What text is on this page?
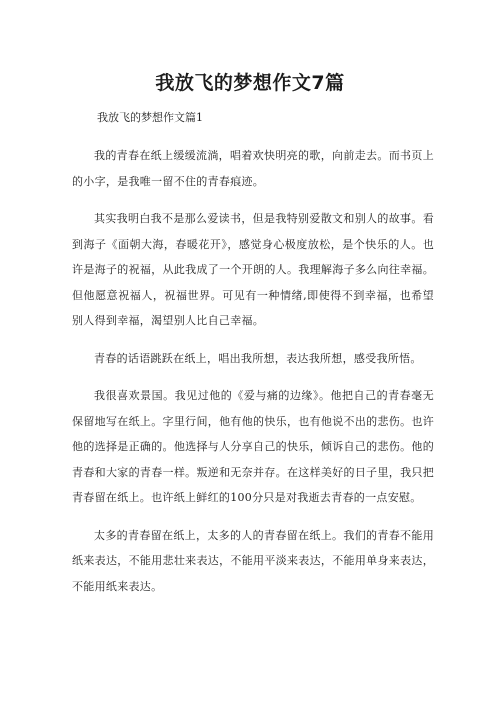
我放飞的梦想作文7篇

我放飞的梦想作文篇1

我的青春在纸上缓缓流淌，唱着欢快明亮的歌，向前走去。而书页上的小字，是我唯一留不住的青春痕迹。

其实我明白我不是那么爱读书，但是我特别爱散文和别人的故事。看到海子《面朝大海，春暖花开》，感觉身心极度放松，是个快乐的人。也许是海子的祝福，从此我成了一个开朗的人。我理解海子多么向往幸福。但他愿意祝福人，祝福世界。可见有一种情绪,即使得不到幸福，也希望别人得到幸福，渴望别人比自己幸福。

青春的话语跳跃在纸上，唱出我所想，表达我所想，感受我所悟。

我很喜欢景国。我见过他的《爱与痛的边缘》。他把自己的青春毫无保留地写在纸上。字里行间，他有他的快乐，也有他说不出的悲伤。也许他的选择是正确的。他选择与人分享自己的快乐，倾诉自己的悲伤。他的青春和大家的青春一样。叛逆和无奈并存。在这样美好的日子里，我只把青春留在纸上。也许纸上鲜红的100分只是对我逝去青春的一点安慰。

太多的青春留在纸上，太多的人的青春留在纸上。我们的青春不能用纸来表达，不能用悲壮来表达，不能用平淡来表达，不能用单身来表达，不能用纸来表达。
